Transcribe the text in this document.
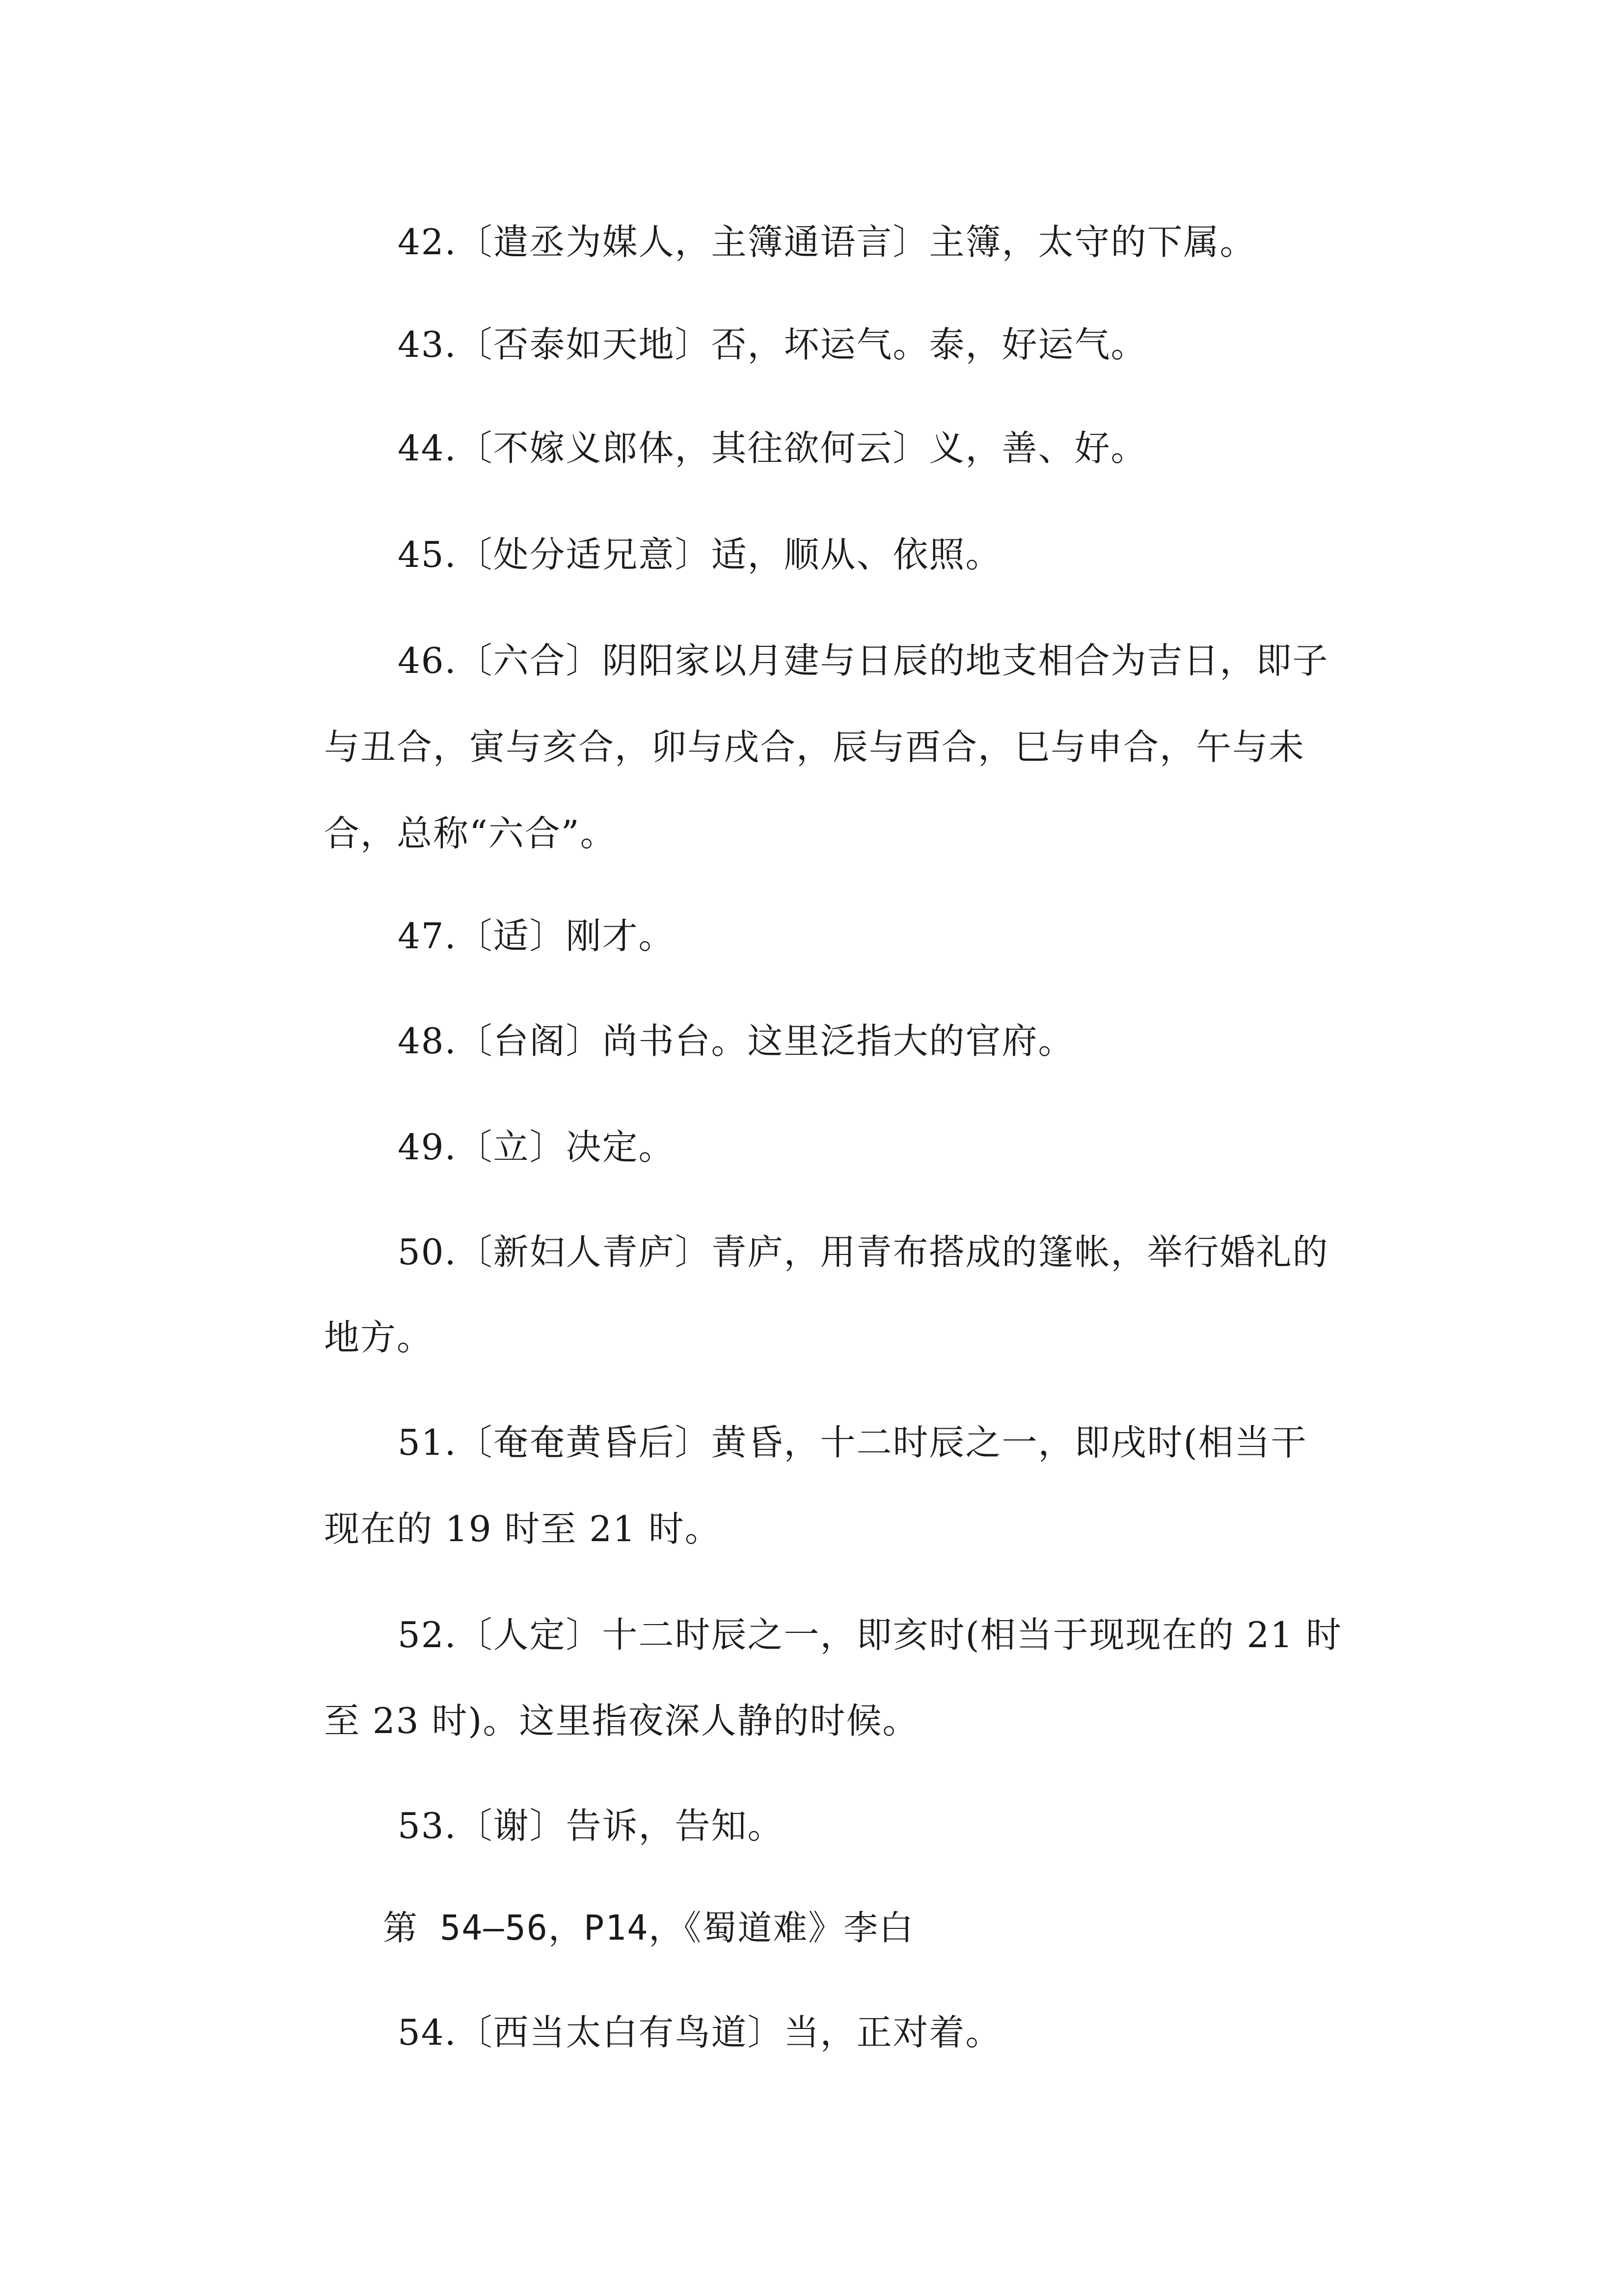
42.〔遣丞为媒人，主簿通语言〕主簿，太守的下属。
43.〔否泰如天地〕否，坏运气。泰，好运气。
44.〔不嫁义郎体，其往欲何云〕义，善、好。
45.〔处分适兄意〕适，顺从、依照。
46.〔六合〕阴阳家以月建与日辰的地支相合为吉日，即子
与丑合，寅与亥合，卯与戌合，辰与酉合，巳与申合，午与未
合，总称“六合”。
47.〔适〕刚才。
48.〔台阁〕尚书台。这里泛指大的官府。
49.〔立〕决定。
50.〔新妇人青庐〕青庐，用青布搭成的篷帐，举行婚礼的
地方。
51.〔奄奄黄昏后〕黄昏，十二时辰之一，即戌时(相当干
现在的 19 时至 21 时。
52.〔人定〕十二时辰之一，即亥时(相当于现现在的 21 时
至 23 时)。这里指夜深人静的时候。
53.〔谢〕告诉，告知。
第 54—56，P14，《蜀道难》李白
54.〔西当太白有鸟道〕当，正对着。
